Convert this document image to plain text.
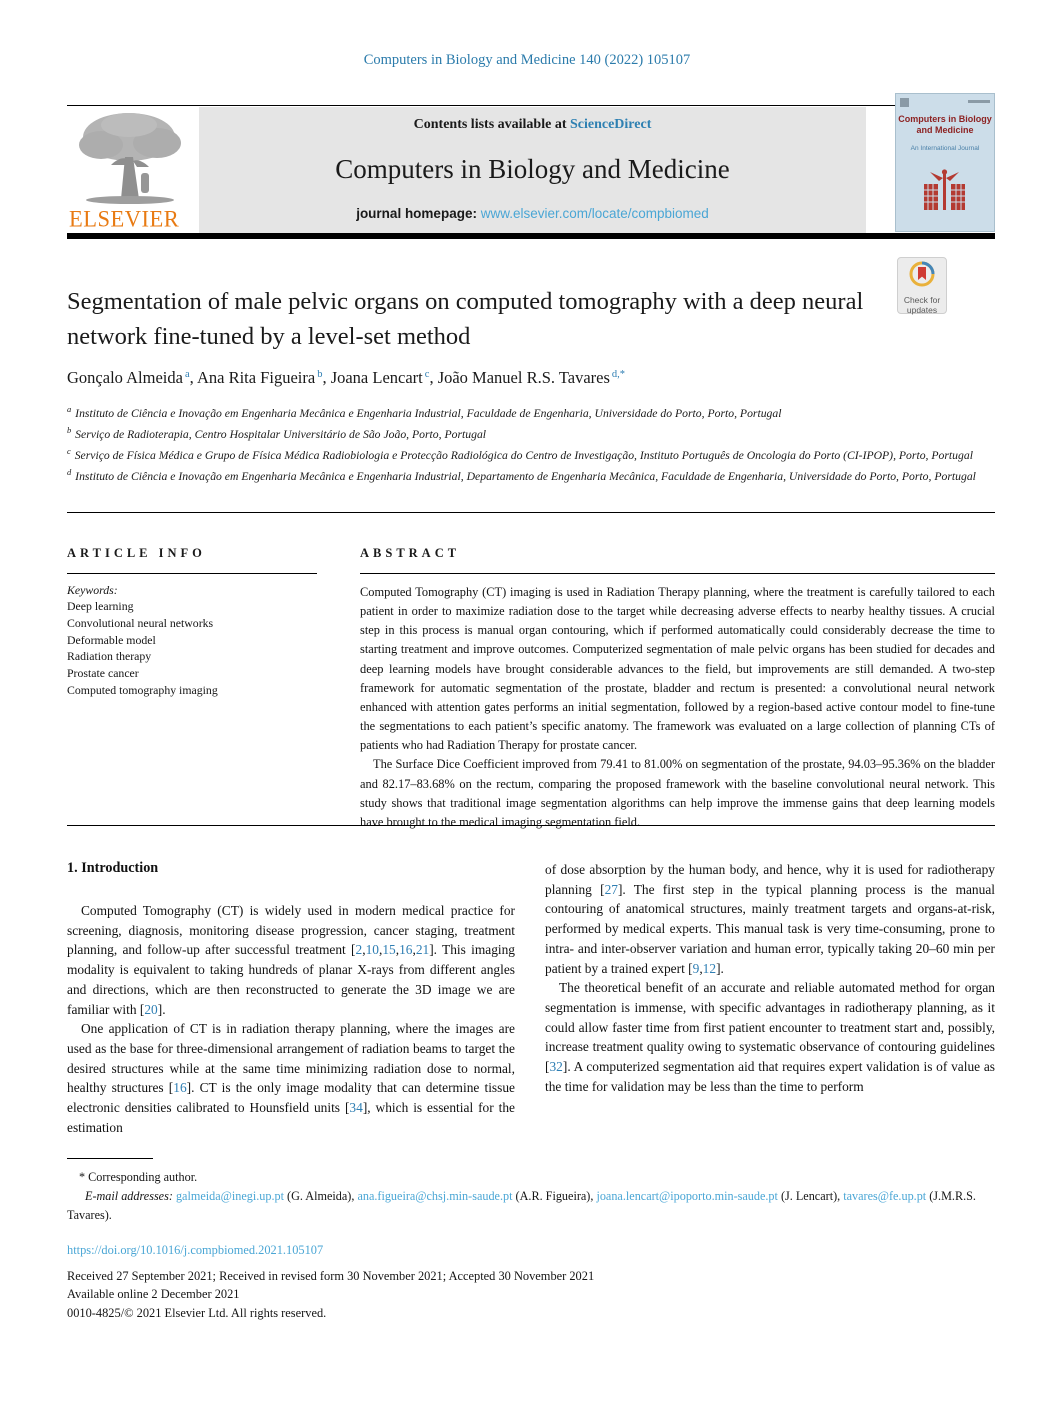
Computers in Biology and Medicine 140 (2022) 105107
ELSEVIER
Contents lists available at ScienceDirect
Computers in Biology and Medicine
journal homepage: www.elsevier.com/locate/compbiomed
Computers in Biology and Medicine
An International Journal
Check for
updates
Segmentation of male pelvic organs on computed tomography with a deep neural network fine-tuned by a level-set method
Gonçalo Almeida $^a$, Ana Rita Figueira $^b$, Joana Lencart $^c$, João Manuel R.S. Tavares $^{d,*}$

$^a$ Instituto de Ciência e Inovação em Engenharia Mecânica e Engenharia Industrial, Faculdade de Engenharia, Universidade do Porto, Porto, Portugal

$^b$ Serviço de Radioterapia, Centro Hospitalar Universitário de São João, Porto, Portugal

$^c$ Serviço de Física Médica e Grupo de Física Médica Radiobiologia e Protecção Radiológica do Centro de Investigação, Instituto Português de Oncologia do Porto (CI-IPOP), Porto, Portugal

$^d$ Instituto de Ciência e Inovação em Engenharia Mecânica e Engenharia Industrial, Departamento de Engenharia Mecânica, Faculdade de Engenharia, Universidade do Porto, Porto, Portugal

ARTICLE INFO
Keywords:
Deep learning
Convolutional neural networks
Deformable model
Radiation therapy
Prostate cancer
Computed tomography imaging
ABSTRACT

Computed Tomography (CT) imaging is used in Radiation Therapy planning, where the treatment is carefully tailored to each patient in order to maximize radiation dose to the target while decreasing adverse effects to nearby healthy tissues. A crucial step in this process is manual organ contouring, which if performed automatically could considerably decrease the time to starting treatment and improve outcomes. Computerized segmentation of male pelvic organs has been studied for decades and deep learning models have brought considerable advances to the field, but improvements are still demanded. A two-step framework for automatic segmentation of the prostate, bladder and rectum is presented: a convolutional neural network enhanced with attention gates performs an initial segmentation, followed by a region-based active contour model to fine-tune the segmentations to each patient’s specific anatomy. The framework was evaluated on a large collection of planning CTs of patients who had Radiation Therapy for prostate cancer.

The Surface Dice Coefficient improved from 79.41 to 81.00% on segmentation of the prostate, 94.03–95.36% on the bladder and 82.17–83.68% on the rectum, comparing the proposed framework with the baseline convolutional neural network. This study shows that traditional image segmentation algorithms can help improve the immense gains that deep learning models have brought to the medical imaging segmentation field.

1. Introduction

Computed Tomography (CT) is widely used in modern medical practice for screening, diagnosis, monitoring disease progression, cancer staging, treatment planning, and follow-up after successful treatment [2,10,15,16,21]. This imaging modality is equivalent to taking hundreds of planar X-rays from different angles and directions, which are then reconstructed to generate the 3D image we are familiar with [20].

One application of CT is in radiation therapy planning, where the images are used as the base for three-dimensional arrangement of radiation beams to target the desired structures while at the same time minimizing radiation dose to normal, healthy structures [16]. CT is the only image modality that can determine tissue electronic densities calibrated to Hounsfield units [34], which is essential for the estimation

of dose absorption by the human body, and hence, why it is used for radiotherapy planning [27]. The first step in the typical planning process is the manual contouring of anatomical structures, mainly treatment targets and organs-at-risk, performed by medical experts. This manual task is very time-consuming, prone to intra- and inter-observer variation and human error, typically taking 20–60 min per patient by a trained expert [9,12].

The theoretical benefit of an accurate and reliable automated method for organ segmentation is immense, with specific advantages in radiotherapy planning, as it could allow faster time from first patient encounter to treatment start and, possibly, increase treatment quality owing to systematic observance of contouring guidelines [32]. A computerized segmentation aid that requires expert validation is of value as the time for validation may be less than the time to perform

* Corresponding author.

E-mail addresses: galmeida@inegi.up.pt (G. Almeida), ana.figueira@chsj.min-saude.pt (A.R. Figueira), joana.lencart@ipoporto.min-saude.pt (J. Lencart), tavares@fe.up.pt (J.M.R.S. Tavares).

https://doi.org/10.1016/j.compbiomed.2021.105107

Received 27 September 2021; Received in revised form 30 November 2021; Accepted 30 November 2021

Available online 2 December 2021

0010-4825/© 2021 Elsevier Ltd. All rights reserved.
